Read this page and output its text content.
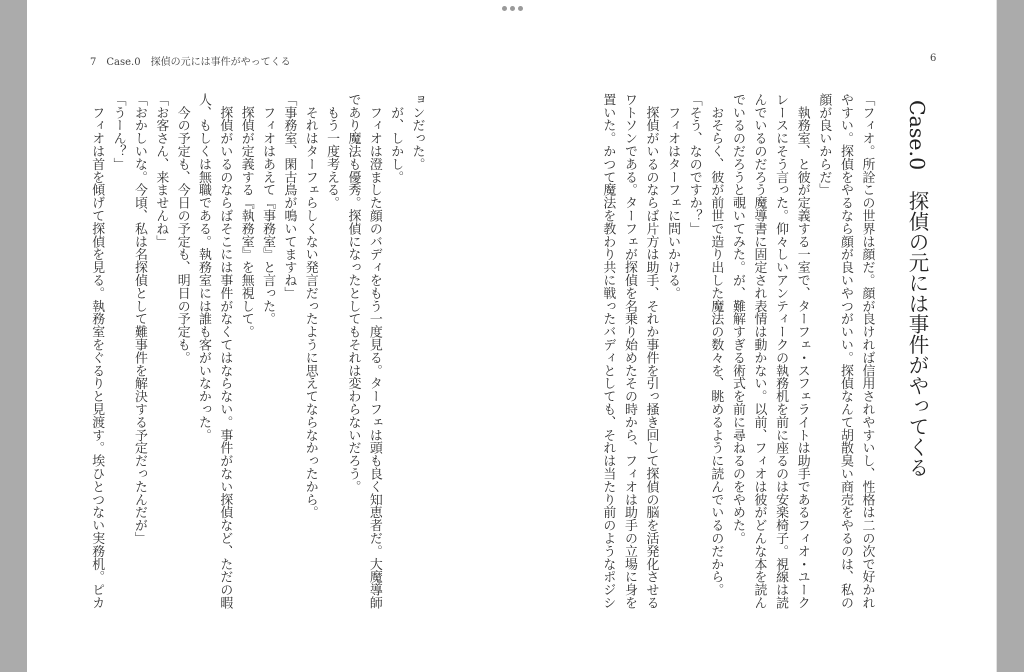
7　Case.0　探偵の元には事件がやってくる	6
Case.0　探偵の元には事件がやってくる
「フィオ。所詮この世界は顔だ。顔が良ければ信用されやすいし、性格は二の次で好かれ
やすい。探偵をやるなら顔が良いやつがいい。探偵なんて胡散臭い商売をやるのは、私の
顔が良いからだ」
　執務室、と彼が定義する一室で、ターフェ・スフェライトは助手であるフィオ・ユーク
レースにそう言った。仰々しいアンティークの執務机を前に座るのは安楽椅子。視線は読
んでいるのだろう魔導書に固定され表情は動かない。以前、フィオは彼がどんな本を読ん
でいるのだろうと覗いてみた。が、難解すぎる術式を前に尋ねるのをやめた。
　おそらく、彼が前世で造り出した魔法の数々を、眺めるように読んでいるのだから。
「そう、なのですか？」
　フィオはターフェに問いかける。
　探偵がいるのならば片方は助手、それか事件を引っ掻き回して探偵の脳を活発化させる
ワトソンである。ターフェが探偵を名乗り始めたその時から、フィオは助手の立場に身を
置いた。かつて魔法を教わり共に戦ったバディとしても、それは当たり前のようなポジシ
ョンだった。
　が、しかし。
　フィオは澄ました顔のバディをもう一度見る。ターフェは頭も良く知恵者だ。大魔導師
であり魔法も優秀。探偵になったとしてもそれは変わらないだろう。
　もう一度考える。
　それはターフェらしくない発言だったように思えてならなかったから。
「事務室、閑古鳥が鳴いてますね」
　フィオはあえて『事務室』と言った。
　探偵が定義する『執務室』を無視して。
　探偵がいるのならばそこには事件がなくてはならない。事件がない探偵など、ただの暇
人、もしくは無職である。執務室には誰も客がいなかった。
　今の予定も、今日の予定も、明日の予定も。
「お客さん、来ませんね」
「おかしいな。今頃、私は名探偵として難事件を解決する予定だったんだが」
「うーん？」
　フィオは首を傾げて探偵を見る。執務室をぐるりと見渡す。埃ひとつない実務机。ピカ
